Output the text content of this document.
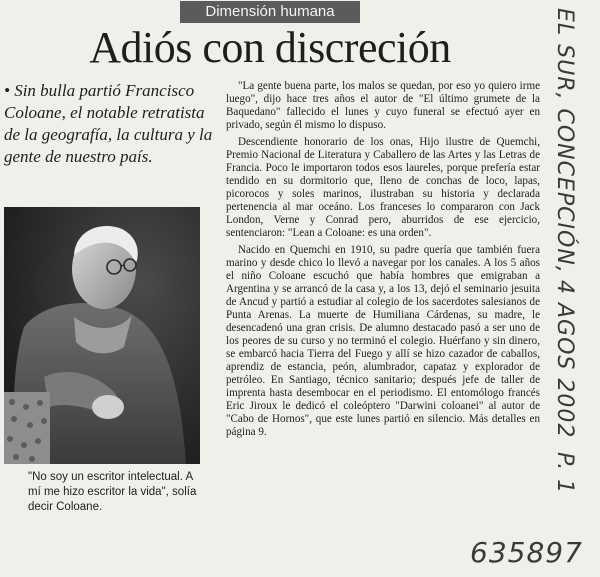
Dimensión humana
Adiós con discreción

• Sin bulla partió Francisco Coloane, el notable retratista de la geografía, la cultura y la gente de nuestro país.

"No soy un escritor intelectual. A mí me hizo escritor la vida", solía decir Coloane.

"La gente buena parte, los malos se quedan, por eso yo quiero irme luego", dijo hace tres años el autor de "El último grumete de la Baquedano" fallecido el lunes y cuyo funeral se efectuó ayer en privado, según él mismo lo dispuso.

Descendiente honorario de los onas, Hijo ilustre de Quemchi, Premio Nacional de Literatura y Caballero de las Artes y las Letras de Francia. Poco le importaron todos esos laureles, porque prefería estar tendido en su dormitorio que, lleno de conchas de loco, lapas, picorocos y soles marinos, ilustraban su historia y declarada pertenencia al mar oceáno. Los franceses lo compararon con Jack London, Verne y Conrad pero, aburridos de ese ejercicio, sentenciaron: "Lean a Coloane: es una orden".

Nacido en Quemchi en 1910, su padre quería que también fuera marino y desde chico lo llevó a navegar por los canales. A los 5 años el niño Coloane escuchó que había hombres que emigraban a Argentina y se arrancó de la casa y, a los 13, dejó el seminario jesuita de Ancud y partió a estudiar al colegio de los sacerdotes salesianos de Punta Arenas. La muerte de Humiliana Cárdenas, su madre, le desencadenó una gran crisis. De alumno destacado pasó a ser uno de los peores de su curso y no terminó el colegio. Huérfano y sin dinero, se embarcó hacia Tierra del Fuego y allí se hizo cazador de caballos, aprendiz de estancia, peón, alumbrador, capataz y explorador de petróleo. En Santiago, técnico sanitario; después jefe de taller de imprenta hasta desembocar en el periodismo. El entomólogo francés Eric Jiroux le dedicó el coleóptero "Darwini coloanei" al autor de "Cabo de Hornos", que este lunes partió en silencio. Más detalles en página 9.

EL SUR, CONCEPCIÓN,
4 AGOS 2002
P. 1
635897
